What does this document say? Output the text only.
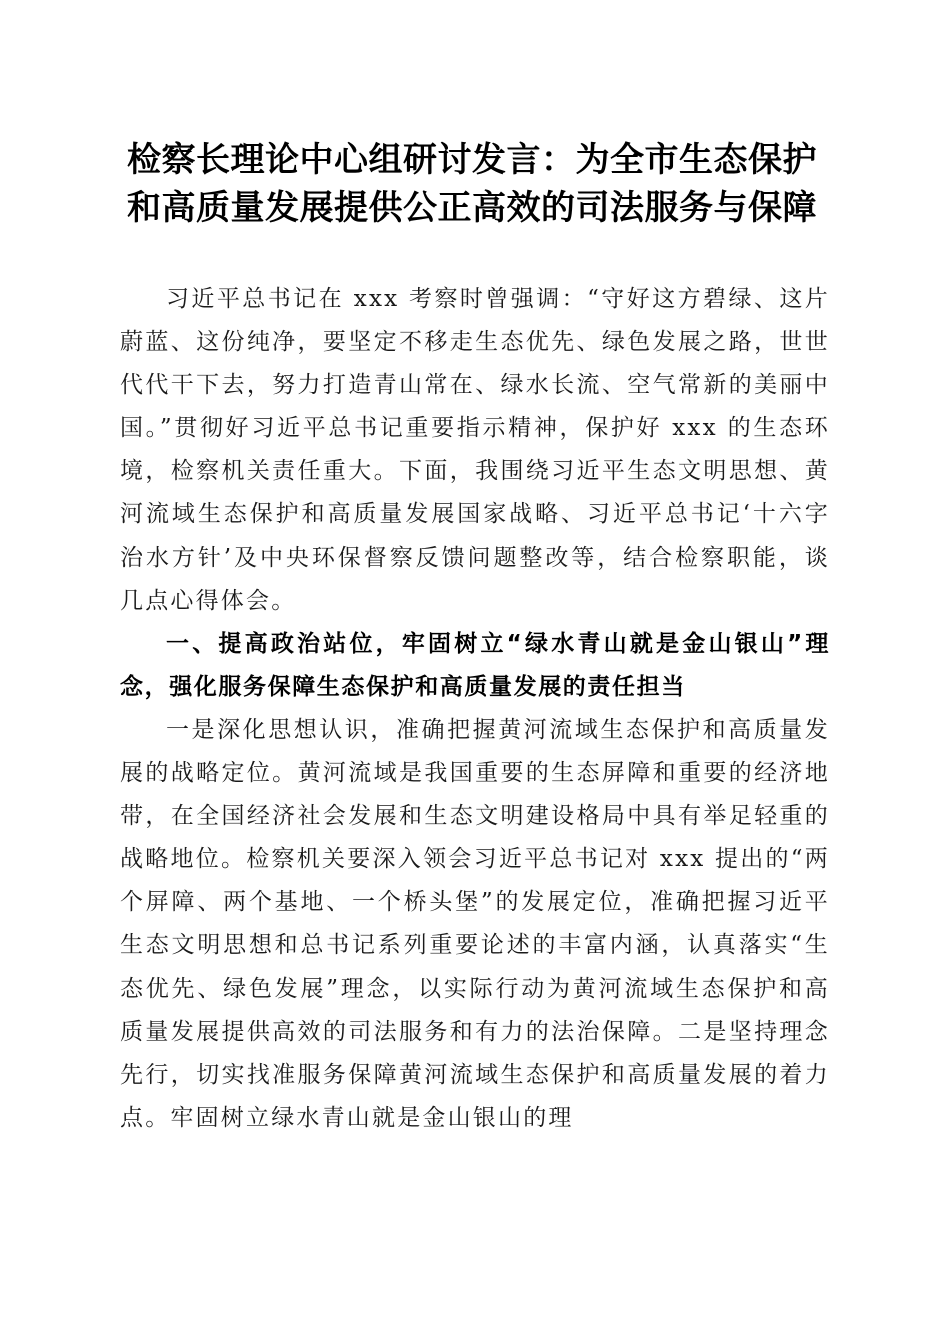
检察长理论中心组研讨发言：为全市生态保护
和高质量发展提供公正高效的司法服务与保障

习近平总书记在 xxx 考察时曾强调：“守好这方碧绿、这片蔚蓝、这份纯净，要坚定不移走生态优先、绿色发展之路，世世代代干下去，努力打造青山常在、绿水长流、空气常新的美丽中国。”贯彻好习近平总书记重要指示精神，保护好 xxx 的生态环境，检察机关责任重大。下面，我围绕习近平生态文明思想、黄河流域生态保护和高质量发展国家战略、习近平总书记‘十六字治水方针’及中央环保督察反馈问题整改等，结合检察职能，谈几点心得体会。

一、提高政治站位，牢固树立“绿水青山就是金山银山”理念，强化服务保障生态保护和高质量发展的责任担当

一是深化思想认识，准确把握黄河流域生态保护和高质量发展的战略定位。黄河流域是我国重要的生态屏障和重要的经济地带，在全国经济社会发展和生态文明建设格局中具有举足轻重的战略地位。检察机关要深入领会习近平总书记对 xxx 提出的“两个屏障、两个基地、一个桥头堡”的发展定位，准确把握习近平生态文明思想和总书记系列重要论述的丰富内涵，认真落实“生态优先、绿色发展”理念，以实际行动为黄河流域生态保护和高质量发展提供高效的司法服务和有力的法治保障。二是坚持理念先行，切实找准服务保障黄河流域生态保护和高质量发展的着力点。牢固树立绿水青山就是金山银山的理
